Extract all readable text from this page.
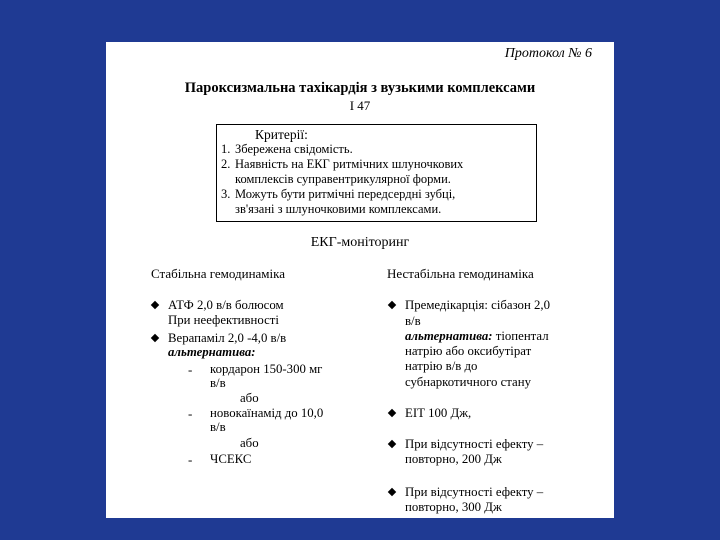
Протокол № 6
Пароксизмальна тахікардія з вузькими комплексами
І 47
Критерії:
1. Збережена свідомість.
2. Наявність на ЕКГ ритмічних шлуночкових
комплексів суправентрикулярної форми.
3. Можуть бути ритмічні передсердні зубці,
зв'язані з шлуночковими комплексами.
ЕКГ-моніторинг
Стабільна гемодинаміка
АТФ 2,0 в/в болюсом
При неефективності
Верапаміл 2,0 -4,0 в/в
альтернатива:
- кордарон 150-300 мг
в/в
або
- новокаїнамід до 10,0
в/в
або
- ЧСЕКС
Нестабільна гемодинаміка
Премедікарція: сібазон 2,0
в/в
альтернатива: тіопентал
натрію або оксибутірат
натрію в/в до
субнаркотичного стану
ЕІТ 100 Дж,
При відсутності ефекту –
повторно, 200 Дж
При відсутності ефекту –
повторно, 300 Дж
